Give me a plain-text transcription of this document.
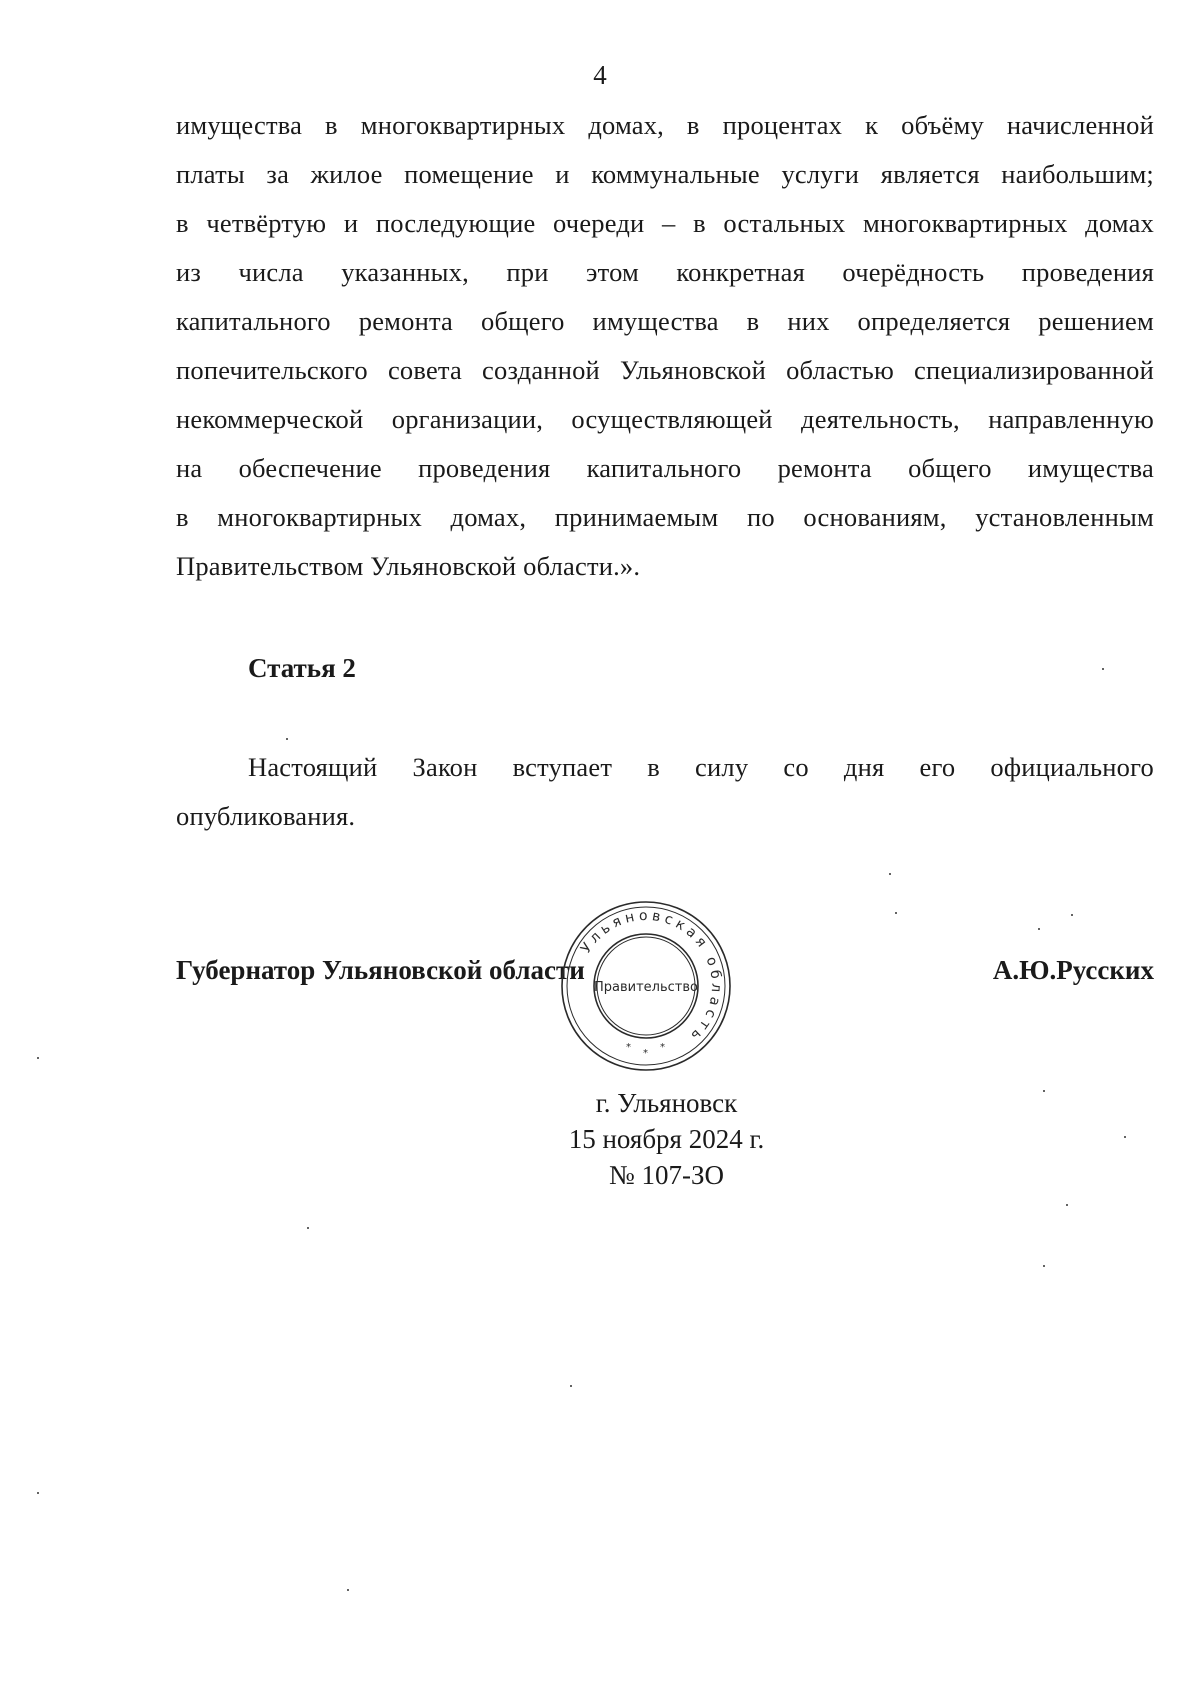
4
имущества в многоквартирных домах, в процентах к объёму начисленной
платы за жилое помещение и коммунальные услуги является наибольшим;
в четвёртую и последующие очереди – в остальных многоквартирных домах
из числа указанных, при этом конкретная очерёдность проведения
капитального ремонта общего имущества в них определяется решением
попечительского совета созданной Ульяновской областью специализированной
некоммерческой организации, осуществляющей деятельность, направленную
на обеспечение проведения капитального ремонта общего имущества
в многоквартирных домах, принимаемым по основаниям, установленным
Правительством Ульяновской области.».
Статья 2
Настоящий Закон вступает в силу со дня его официального
опубликования.
Губернатор Ульяновской области	А.Ю.Русских
Ульяновская область
Правительство
*
*
*
г. Ульяновск
15 ноября 2024 г.
№ 107-ЗО
